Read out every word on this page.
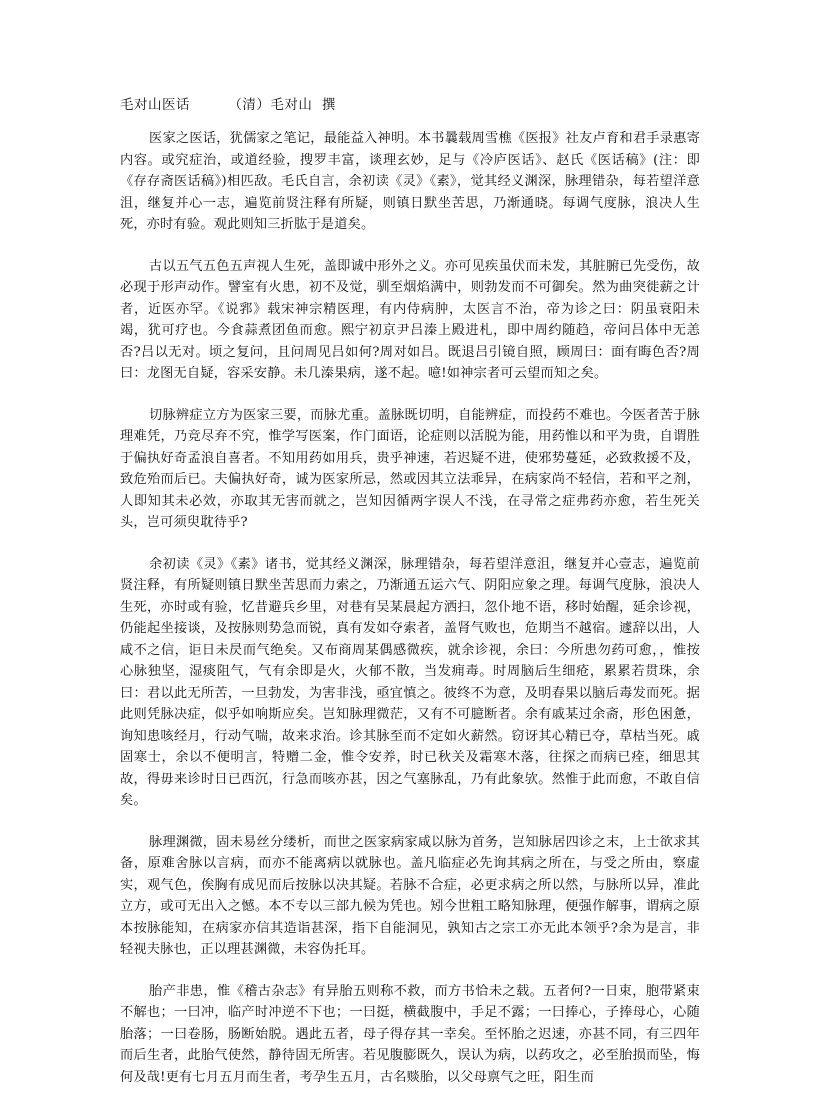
毛对山医话	（清）毛对山  撰

医家之医话，犹儒家之笔记，最能益入神明。本书曩载周雪樵《医报》社友卢育和君手录惠寄内容。或究症治，或道经验，搜罗丰富，谈理玄妙，足与《冷庐医话》、赵氏《医话稿》(注：即《存存斋医话稿》)相匹敌。毛氏自言，余初读《灵》《素》，觉其经义渊深，脉理错杂，每若望洋意沮，继复并心一志，遍览前贤注释有所疑，则镇日默坐苦思，乃渐通晓。每调气度脉，浪决人生死，亦时有验。观此则知三折肱于是道矣。

古以五气五色五声视人生死，盖即诚中形外之义。亦可见疾虽伏而未发，其脏腑已先受伤，故必现于形声动作。譬室有火患，初不及觉，驯至烟焰满中，则勃发而不可御矣。然为曲突徙薪之计者，近医亦罕。《说郛》载宋神宗精医理，有内侍病肿，太医言不治，帝为诊之曰：阴虽衰阳未竭，犹可疗也。今食蒜煮团鱼而愈。熙宁初京尹吕溱上殿进札，即中周约随趋，帝问吕体中无恙否?吕以无对。顷之复问，且问周见吕如何?周对如吕。既退吕引镜自照，顾周曰：面有晦色否?周曰：龙图无自疑，容采安静。未几溱果病，遂不起。噫!如神宗者可云望而知之矣。

切脉辨症立方为医家三要，而脉尤重。盖脉既切明，自能辨症，而投药不难也。今医者苦于脉理难凭，乃竞尽弃不究，惟学写医案，作门面语，论症则以活脱为能，用药惟以和平为贵，自谓胜于偏执好奇孟浪自喜者。不知用药如用兵，贵乎神速，若迟疑不进，使邪势蔓延，必致救援不及，致危殆而后已。夫偏执好奇，诚为医家所忌，然或因其立法乖异，在病家尚不轻信，若和平之剂，人即知其未必效，亦取其无害而就之，岂知因循两字误人不浅，在寻常之症弗药亦愈，若生死关头，岂可须臾耽待乎?

余初读《灵》《素》诸书，觉其经义渊深，脉理错杂，每若望洋意沮，继复并心壹志，遍览前贤注释，有所疑则镇日默坐苦思而力索之，乃渐通五运六气、阴阳应象之理。每调气度脉，浪决人生死，亦时或有验，忆昔避兵乡里，对巷有吴某晨起方洒扫，忽仆地不语，移时始醒，延余诊视，仍能起坐接谈，及按脉则势急而锐，真有发如夺索者，盖肾气败也，危期当不越宿。遽辞以出，人咸不之信，讵日未昃而气绝矣。又布商周某偶感微疾，就余诊视，余曰：今所患勿药可愈，，惟按心脉独坚，湿痰阻气，气有余即是火，火郁不散，当发痈毒。时周脑后生细疮，累累若贯珠，余曰：君以此无所苦，一旦勃发，为害非浅，亟宜慎之。彼终不为意，及明春果以脑后毒发而死。据此则凭脉决症，似乎如响斯应矣。岂知脉理微茫，又有不可臆断者。余有戚某过余斋，形色困惫，询知患咳经月，行动气喘，故来求治。诊其脉至而不定如火薪然。窃讶其心精已夺，草枯当死。戚固寒士，余以不便明言，特赠二金，惟令安养，时已秋关及霜寒木落，往探之而病已痊，细思其故，得毋来诊时日已西沉，行急而咳亦甚，因之气塞脉乱，乃有此象欤。然惟于此而愈，不敢自信矣。

脉理渊微，固未易丝分缕析，而世之医家病家咸以脉为首务，岂知脉居四诊之末，上士欲求其备，原难舍脉以言病，而亦不能离病以就脉也。盖凡临症必先询其病之所在，与受之所由，察虚实，观气色，俟胸有成见而后按脉以决其疑。若脉不合症，必更求病之所以然，与脉所以异，准此立方，或可无出入之憾。本不专以三部九候为凭也。矧今世粗工略知脉理，便强作解事，谓病之原本按脉能知，在病家亦信其造诣甚深，指下自能洞见，孰知古之宗工亦无此本领乎?余为是言，非轻视夫脉也，正以理甚渊微，未容伪托耳。

胎产非患，惟《稽古杂志》有异胎五则称不救，而方书恰未之载。五者何?一日束，胞带紧束不解也；一曰冲，临产时冲逆不下也；一曰挺，横截腹中，手足不露；一曰捧心，子捧母心，心随胎落；一曰卷肠，肠断始脱。遇此五者，母子得存其一幸矣。至怀胎之迟速，亦甚不同，有三四年而后生者，此胎气使然，静待固无所害。若见腹膨既久，误认为病，以药攻之，必至胎损而坠，悔何及哉!更有七月五月而生者，考孕生五月，古名赕胎，以父母禀气之旺，阳生而
